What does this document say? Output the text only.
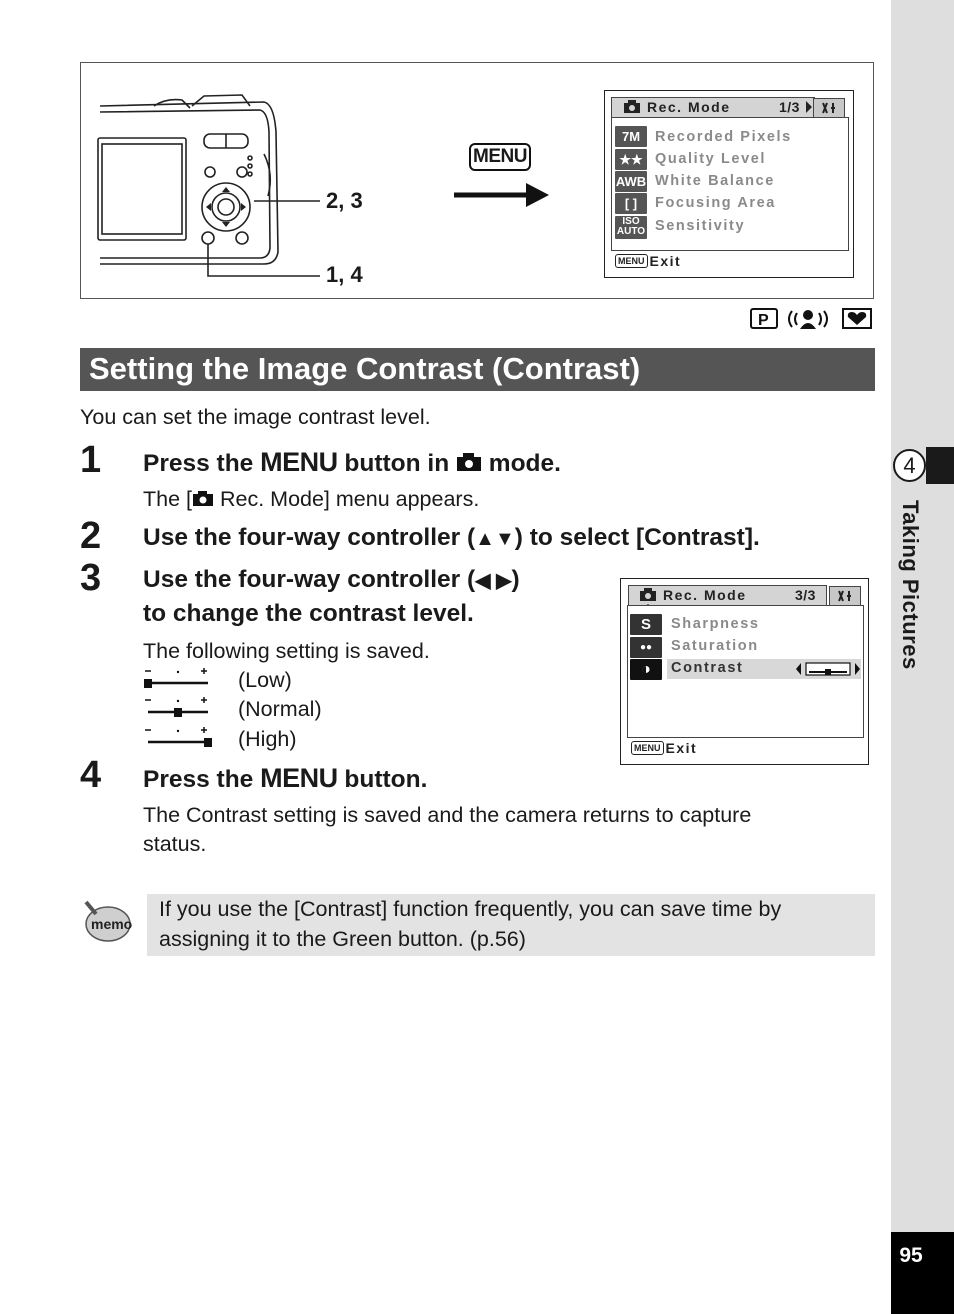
4
Taking Pictures
95
2, 3
1, 4
MENU
Rec. Mode	1/3
7M	Recorded Pixels
★★ Quality Level
AWB White Balance
[ ]	Focusing Area
ISO AUTO Sensitivity
MENU Exit
P
Setting the Image Contrast (Contrast)
You can set the image contrast level.
1 Press the MENU button in  mode.
The [ Rec. Mode] menu appears.
2 Use the four-way controller (▲▼) to select [Contrast].
3 Use the four-way controller (◀ ▶)
to change the contrast level.
The following setting is saved.
(Low)
(Normal)
(High)
Rec. Mode	3/3
S	Sharpness
●●	Saturation
◑	Contrast
MENU Exit
4 Press the MENU button.
The Contrast setting is saved and the camera returns to capture
status.
memo
If you use the [Contrast] function frequently, you can save time by
assigning it to the Green button. (p.56)
